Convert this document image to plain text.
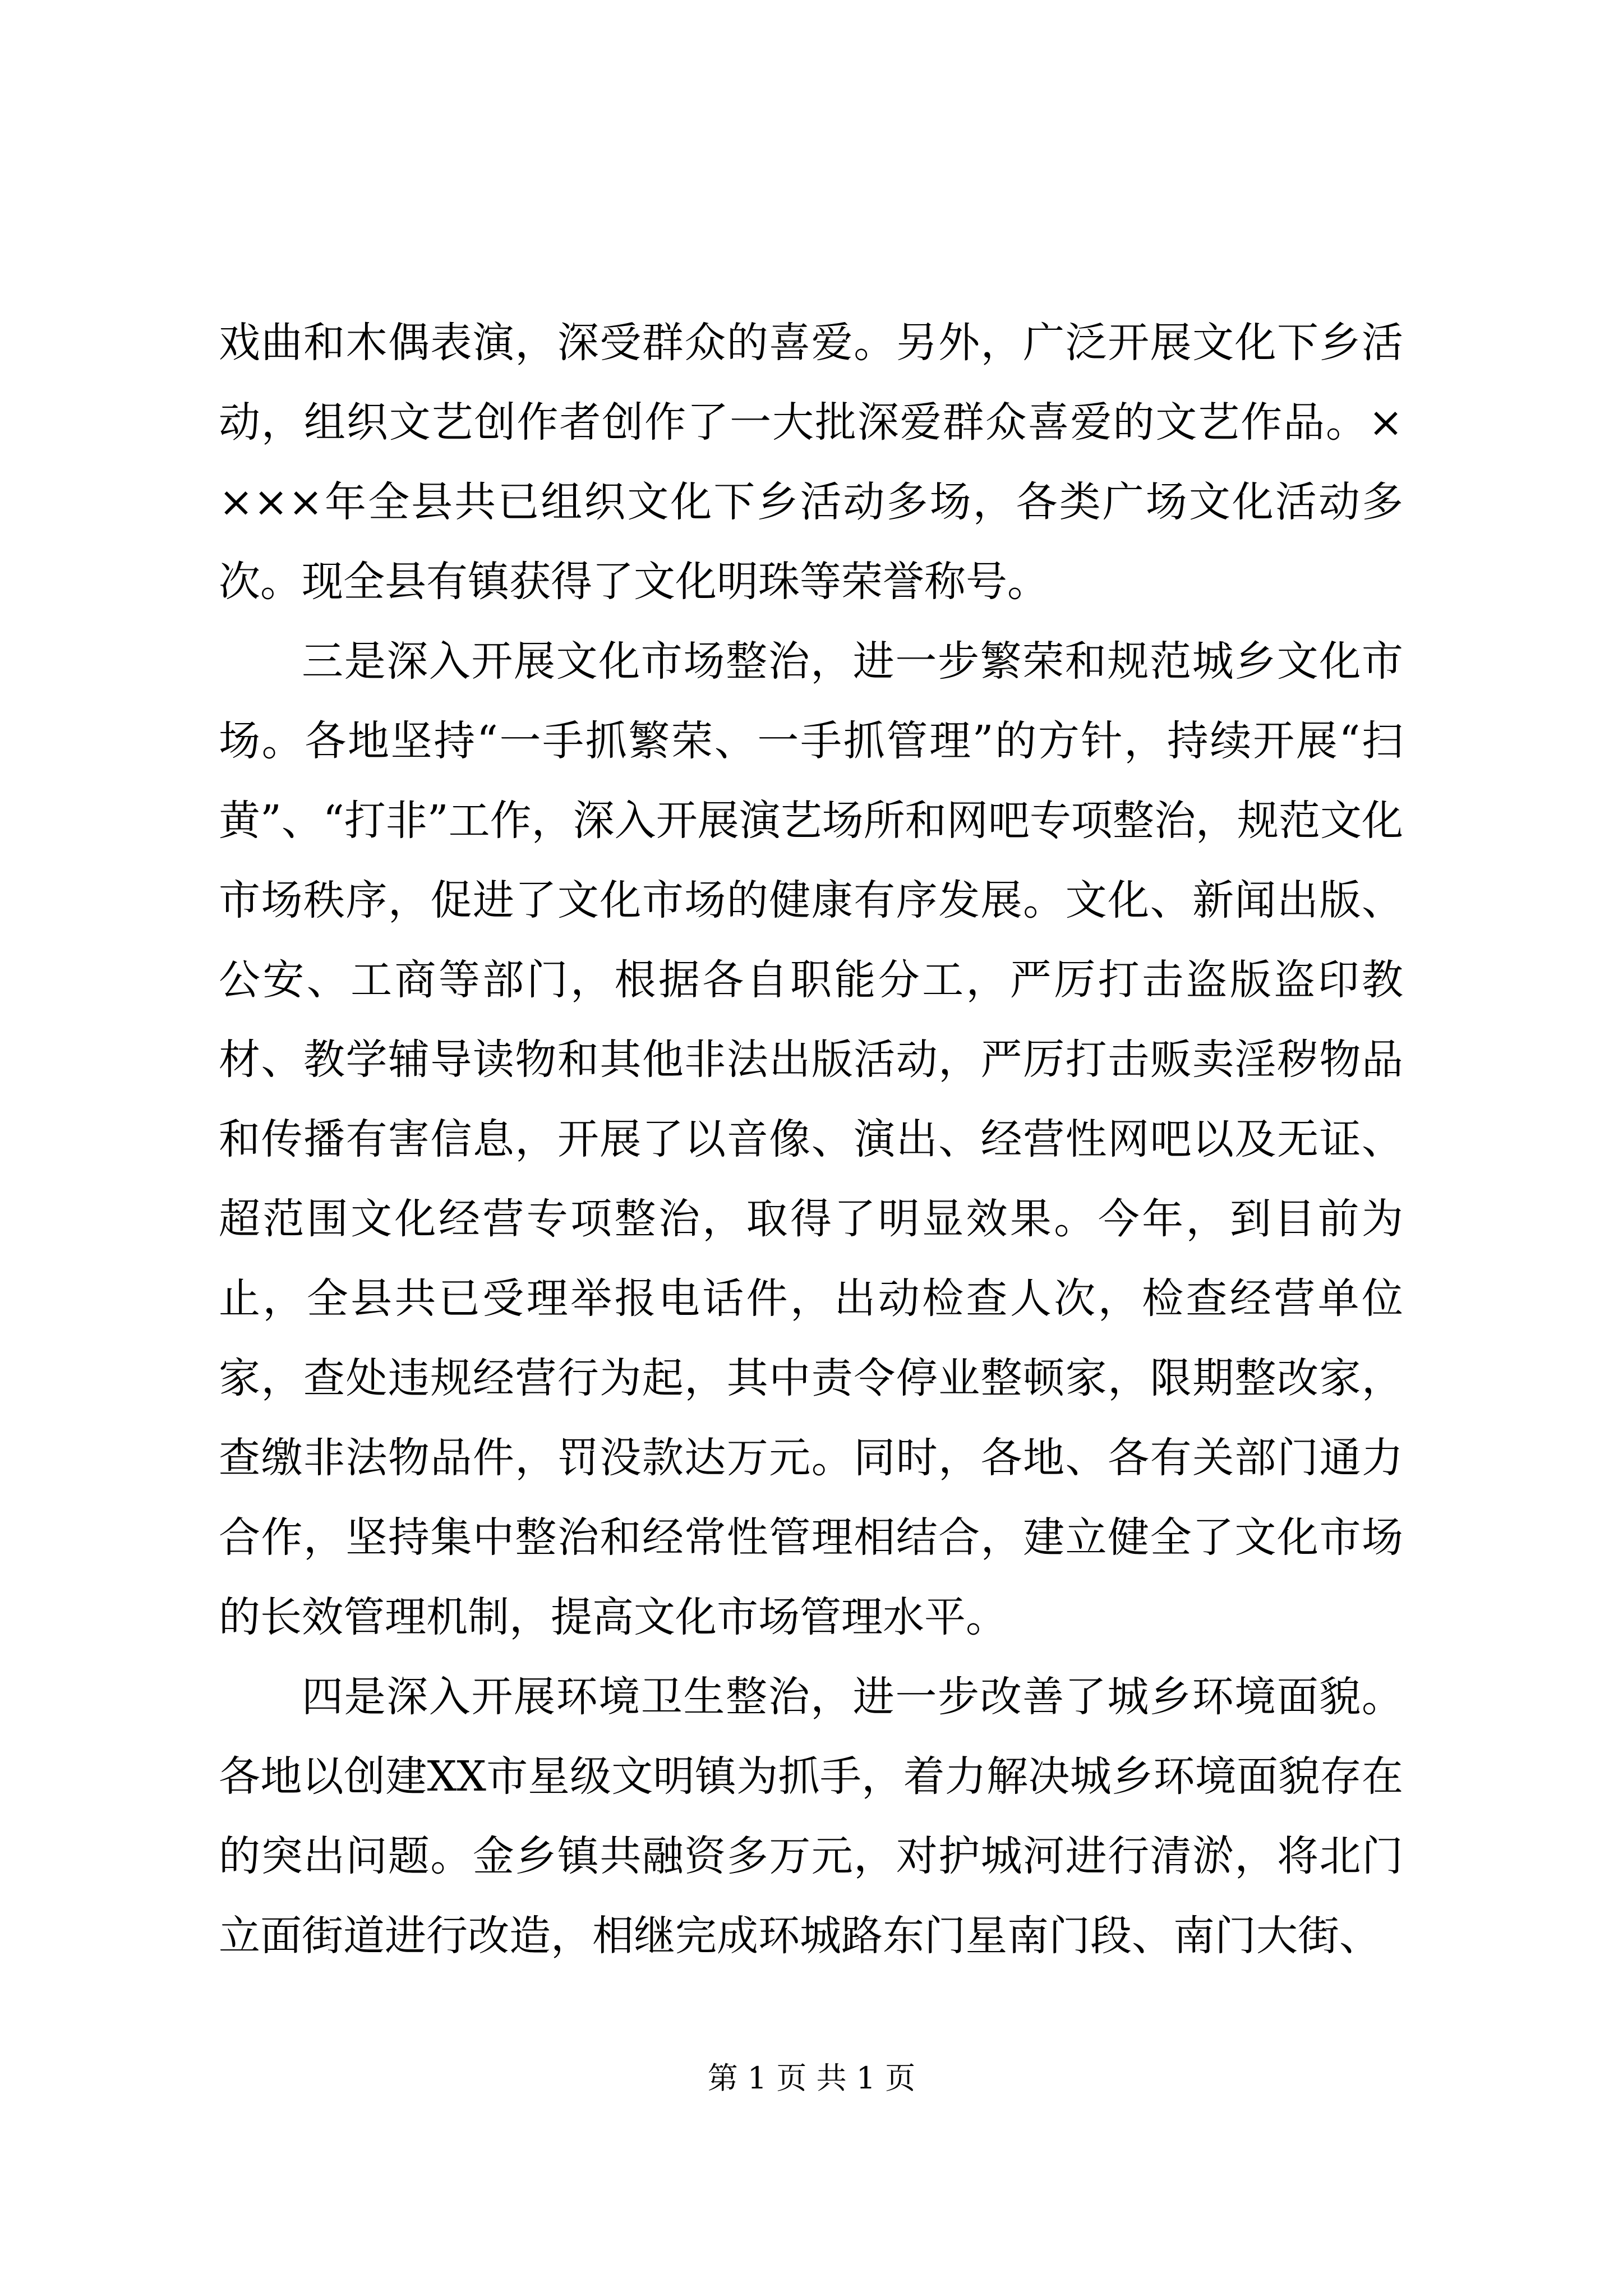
戏曲和木偶表演，深受群众的喜爱。另外，广泛开展文化下乡活动，组织文艺创作者创作了一大批深爱群众喜爱的文艺作品。××××年全县共已组织文化下乡活动多场，各类广场文化活动多次。现全县有镇获得了文化明珠等荣誉称号。

三是深入开展文化市场整治，进一步繁荣和规范城乡文化市场。各地坚持“一手抓繁荣、一手抓管理”的方针，持续开展“扫黄”、“打非”工作，深入开展演艺场所和网吧专项整治，规范文化市场秩序，促进了文化市场的健康有序发展。文化、新闻出版、公安、工商等部门，根据各自职能分工，严厉打击盗版盗印教材、教学辅导读物和其他非法出版活动，严厉打击贩卖淫秽物品和传播有害信息，开展了以音像、演出、经营性网吧以及无证、超范围文化经营专项整治，取得了明显效果。今年，到目前为止，全县共已受理举报电话件，出动检查人次，检查经营单位家，查处违规经营行为起，其中责令停业整顿家，限期整改家，查缴非法物品件，罚没款达万元。同时，各地、各有关部门通力合作，坚持集中整治和经常性管理相结合，建立健全了文化市场的长效管理机制，提高文化市场管理水平。

四是深入开展环境卫生整治，进一步改善了城乡环境面貌。各地以创建XX市星级文明镇为抓手，着力解决城乡环境面貌存在的突出问题。金乡镇共融资多万元，对护城河进行清淤，将北门立面街道进行改造，相继完成环城路东门星南门段、南门大街、

第 1 页 共 1 页
